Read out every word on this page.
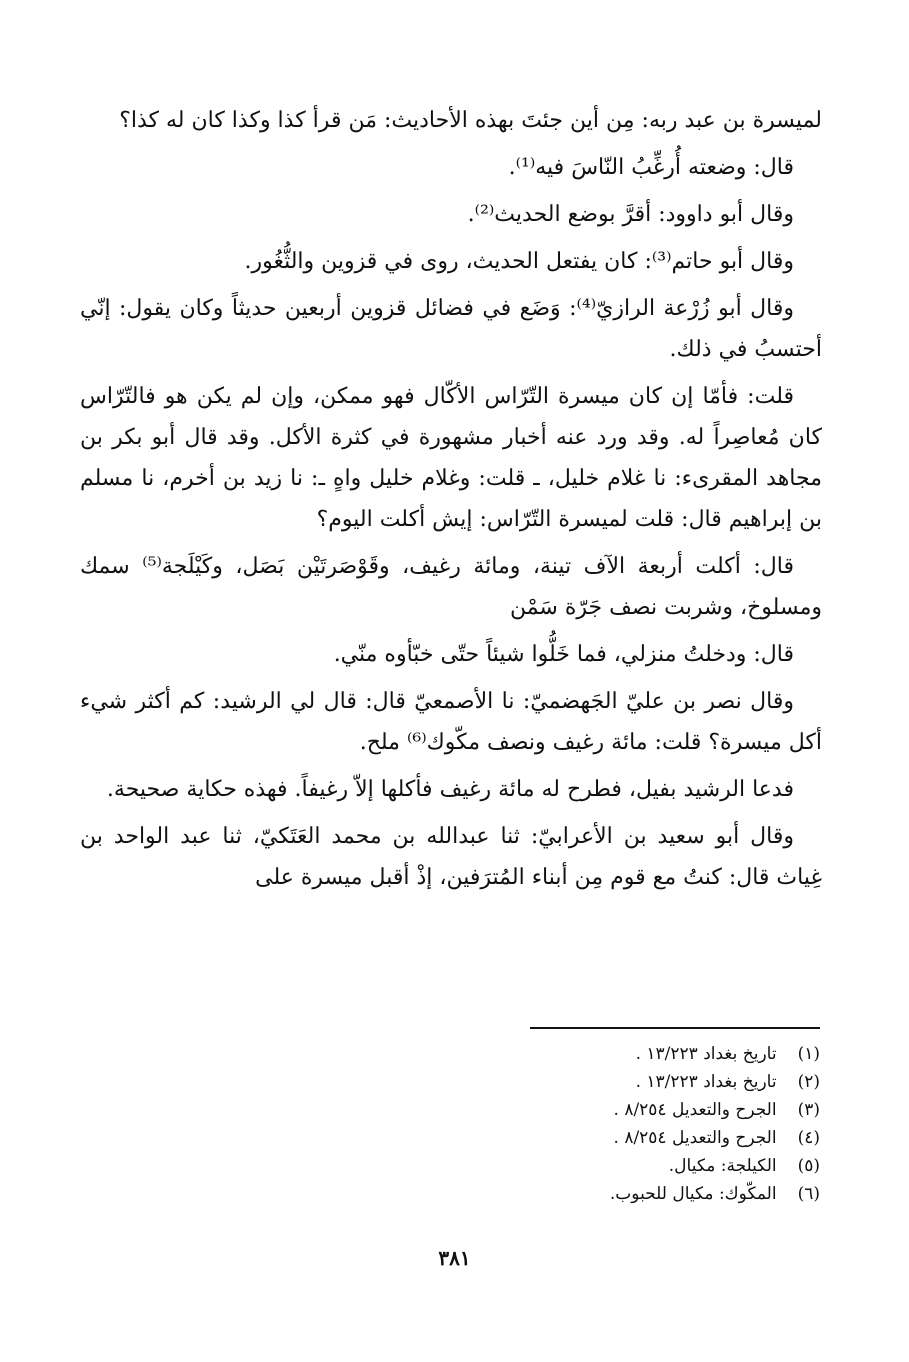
لميسرة بن عبد ربه: مِن أين جئتَ بهذه الأحاديث: مَن قرأ كذا وكذا كان له كذا؟

قال: وضعته أُرغِّبُ النّاسَ فيه⁽¹⁾.

وقال أبو داوود: أقرَّ بوضع الحديث⁽²⁾.

وقال أبو حاتم⁽³⁾: كان يفتعل الحديث، روى في قزوين والثُّغُور.

وقال أبو زُرْعة الرازيّ⁽⁴⁾: وَضَع في فضائل قزوين أربعين حديثاً وكان يقول: إنّي أحتسبُ في ذلك.

قلت: فأمّا إن كان ميسرة التّرّاس الأكّال فهو ممكن، وإن لم يكن هو فالتّرّاس كان مُعاصِراً له. وقد ورد عنه أخبار مشهورة في كثرة الأكل. وقد قال أبو بكر بن مجاهد المقرىء: نا غلام خليل، ـ قلت: وغلام خليل واهٍ ـ: نا زيد بن أخرم، نا مسلم بن إبراهيم قال: قلت لميسرة التّرّاس: إيش أكلت اليوم؟

قال: أكلت أربعة الآف تينة، ومائة رغيف، وقَوْصَرتَيْن بَصَل، وكَيْلَجة⁽⁵⁾ سمك ومسلوخ، وشربت نصف جَرّة سَمْن

قال: ودخلتُ منزلي، فما خَلُّوا شيئاً حتّى خبّأوه منّي.

وقال نصر بن عليّ الجَهضميّ: نا الأصمعيّ قال: قال لي الرشيد: كم أكثر شيء أكل ميسرة؟ قلت: مائة رغيف ونصف مكّوك⁽⁶⁾ ملح.

فدعا الرشيد بفيل، فطرح له مائة رغيف فأكلها إلاّ رغيفاً. فهذه حكاية صحيحة.

وقال أبو سعيد بن الأعرابيّ: ثنا عبدالله بن محمد العَتَكيّ، ثنا عبد الواحد بن غِياث قال: كنتُ مع قوم مِن أبناء المُترَفين، إذْ أقبل ميسرة على

(١) تاريخ بغداد ١٣/٢٢٣ .
(٢) تاريخ بغداد ١٣/٢٢٣ .
(٣) الجرح والتعديل ٨/٢٥٤ .
(٤) الجرح والتعديل ٨/٢٥٤ .
(٥) الكيلجة: مكيال.
(٦) المكّوك: مكيال للحبوب.
٣٨١
